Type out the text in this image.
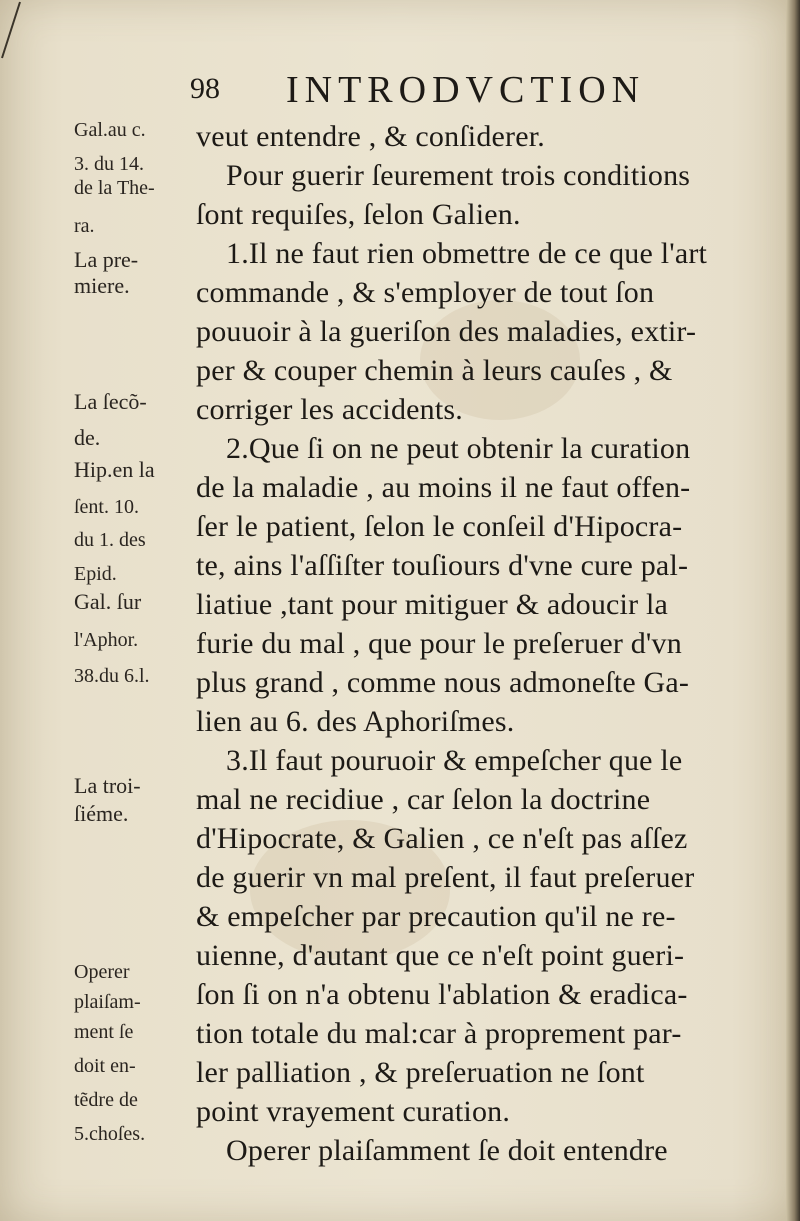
98 INTRODVCTION
Gal.au c.
3. du 14.
de la The-
ra.
La pre-
miere.
La ſecõ-
de.
Hip.en la
ſent. 10.
du 1. des
Epid.
Gal. ſur
l'Aphor.
38.du 6.l.
La troi-
ſiéme.
Operer
plaiſam-
ment ſe
doit en-
tẽdre de
5.choſes.
veut entendre , & conſiderer.
Pour guerir ſeurement trois conditions
ſont requiſes, ſelon Galien.
1.Il ne faut rien obmettre de ce que l'art
commande , & s'employer de tout ſon
pouuoir à la gueriſon des maladies, extir-
per & couper chemin à leurs cauſes , &
corriger les accidents.
2.Que ſi on ne peut obtenir la curation
de la maladie , au moins il ne faut offen-
ſer le patient, ſelon le conſeil d'Hipocra-
te, ains l'aſſiſter touſiours d'vne cure pal-
liatiue ,tant pour mitiguer & adoucir la
furie du mal , que pour le preſeruer d'vn
plus grand , comme nous admoneſte Ga-
lien au 6. des Aphoriſmes.
3.Il faut pouruoir & empeſcher que le
mal ne recidiue , car ſelon la doctrine
d'Hipocrate, & Galien , ce n'eſt pas aſſez
de guerir vn mal preſent, il faut preſeruer
& empeſcher par precaution qu'il ne re-
uienne, d'autant que ce n'eſt point gueri-
ſon ſi on n'a obtenu l'ablation & eradica-
tion totale du mal:car à proprement par-
ler palliation , & preſeruation ne ſont
point vrayement curation.
Operer plaiſamment ſe doit entendre
